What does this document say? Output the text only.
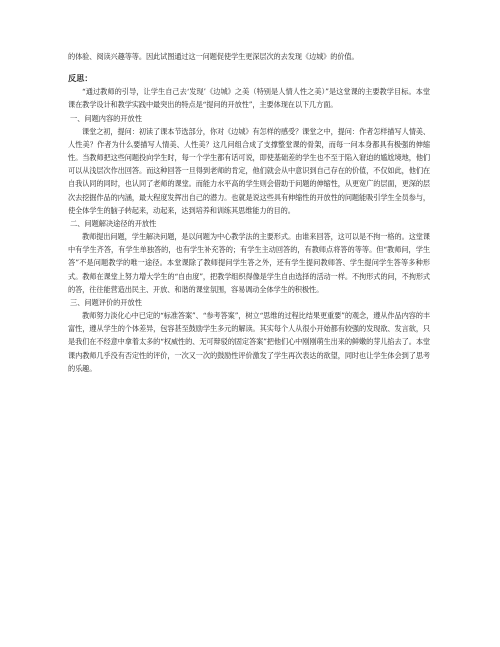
的体验、阅读兴趣等等。因此试图通过这一问题促使学生更深层次的去发现《边城》的价值。

反思：

“通过教师的引导，让学生自己去‘发现’《边城》之美（特别是人情人性之美）”是这堂课的主要教学目标。本堂课在教学设计和教学实践中最突出的特点是“提问的开放性”，主要体现在以下几方面。

一、问题内容的开放性

课堂之初，提问：初读了课本节选部分，你对《边城》有怎样的感受？课堂之中，提问：作者怎样描写人情美、人性美？作者为什么要描写人情美、人性美？这几问组合成了支撑整堂课的骨架，而每一问本身都具有极强的伸缩性。当教师把这些问题投向学生时，每一个学生都有话可说，即使基础差的学生也不至于陷入窘迫的尴尬境地，他们可以从浅层次作出回答。而这种回答一旦得到老师的肯定，他们就会从中意识到自己存在的价值，不仅如此，他们在自我认同的同时，也认同了老师的课堂。而能力水平高的学生则会借助于问题的伸缩性，从更宽广的层面，更深的层次去挖掘作品的内涵，最大程度发挥出自己的潜力。也就是说这些具有伸缩性的开放性的问题能吸引学生全员参与，使全体学生的脑子转起来，动起来，达到培养和训练其思维能力的目的。

二、问题解决途径的开放性

教师提出问题，学生解决问题，是以问题为中心教学法的主要形式。由谁来回答，这可以是不拘一格的。这堂课中有学生齐答，有学生单独答的，也有学生补充答的；有学生主动回答的，有教师点将答的等等。但“教师问，学生答”不是问题教学的唯一途径。本堂课除了教师提问学生答之外，还有学生提问教师答、学生提问学生答等多种形式。教师在课堂上努力增大学生的“自由度”，把教学组织得像是学生自由选择的活动一样。不拘形式的问，不拘形式的答，往往能营造出民主、开放、和谐的课堂氛围，容易调动全体学生的积极性。

三、问题评价的开放性

教师努力淡化心中已定的“标准答案”、“参考答案”，树立“思维的过程比结果更重要”的观念，遵从作品内容的丰富性，遵从学生的个体差异，包容甚至鼓励学生多元的解读。其实每个人从很小开始都有较强的发现欲、发言欲，只是我们在不经意中拿着太多的“权威性的、无可辩驳的固定答案”把他们心中刚刚萌生出来的鲜嫩的芽儿掐去了。本堂课内教师几乎没有否定性的评价，一次又一次的鼓励性评价激发了学生再次表达的欲望，同时也让学生体会到了思考的乐趣。
